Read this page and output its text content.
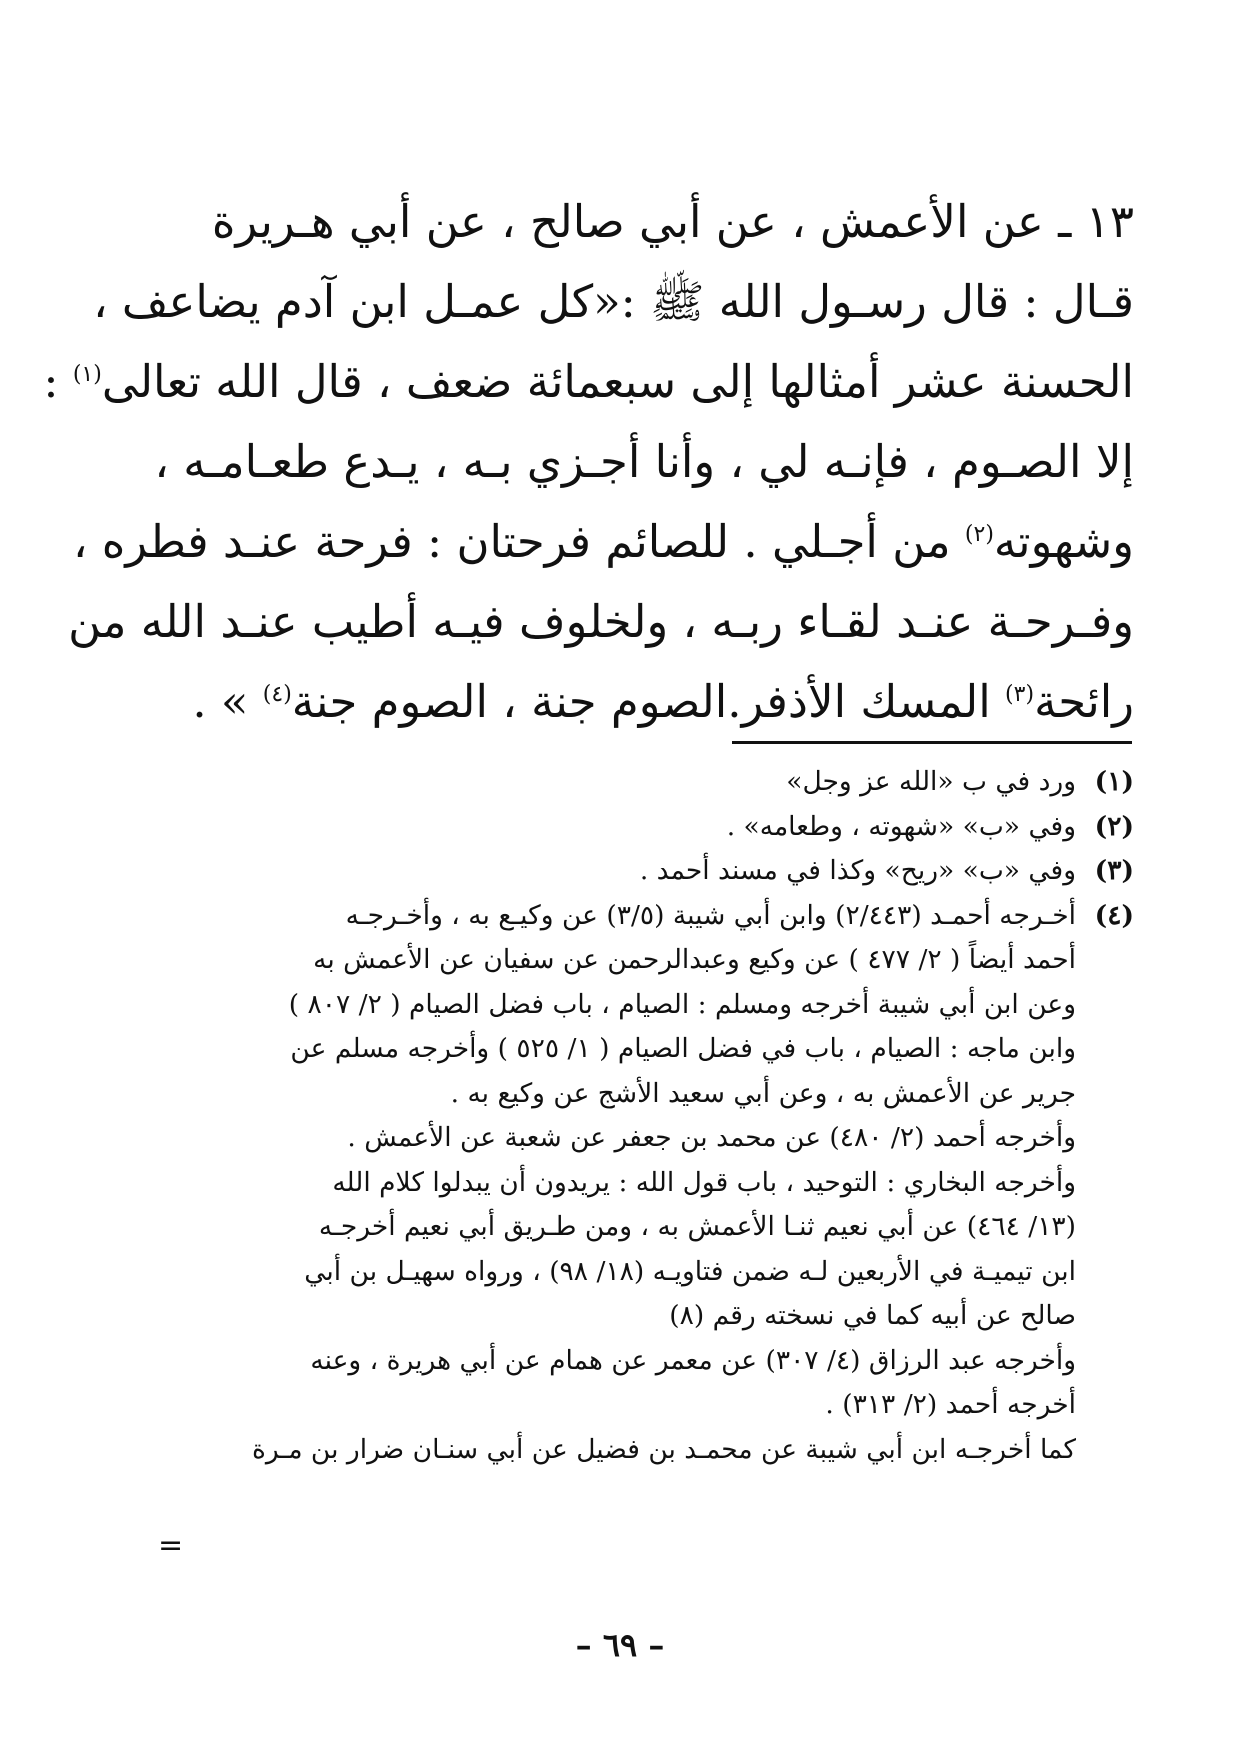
١٣ ـ عن الأعمش ، عن أبي صالح ، عن أبي هـريرة
قـال : قال رسـول الله ﷺ :«كل عمـل ابن آدم يضاعف ،
الحسنة عشر أمثالها إلى سبعمائة ضعف ، قال الله تعالى$^{(١)}$ :
إلا الصـوم ، فإنـه لي ، وأنا أجـزي بـه ، يـدع طعـامـه ،
وشهوته$^{(٢)}$ من أجـلي . للصائم فرحتان : فرحة عنـد فطره ،
وفـرحـة عنـد لقـاء ربـه ، ولخلوف فيـه أطيب عنـد الله من
رائحة$^{(٣)}$ المسك الأذفر.الصوم جنة ، الصوم جنة$^{(٤)}$ » .
(١)
ورد في ب «الله عز وجل»
(٢)
وفي «ب» «شهوته ، وطعامه» .
(٣)
وفي «ب» «ريح» وكذا في مسند أحمد .
(٤)
أخـرجه أحمـد (٢/٤٤٣) وابن أبي شيبة (٣/٥) عن وكيـع به ، وأخـرجـه
أحمد أيضاً ( ٢/ ٤٧٧ ) عن وكيع وعبدالرحمن عن سفيان عن الأعمش به
وعن ابن أبي شيبة أخرجه ومسلم : الصيام ، باب فضل الصيام ( ٢/ ٨٠٧ )
وابن ماجه : الصيام ، باب في فضل الصيام ( ١/ ٥٢٥ ) وأخرجه مسلم عن
جرير عن الأعمش به ، وعن أبي سعيد الأشج عن وكيع به .
وأخرجه أحمد (٢/ ٤٨٠) عن محمد بن جعفر عن شعبة عن الأعمش .
وأخرجه البخاري : التوحيد ، باب قول الله : يريدون أن يبدلوا كلام الله
(١٣/ ٤٦٤) عن أبي نعيم ثنـا الأعمش به ، ومن طـريق أبي نعيم أخرجـه
ابن تيميـة في الأربعين لـه ضمن فتاويـه (١٨/ ٩٨) ، ورواه سهيـل بن أبي
صالح عن أبيه كما في نسخته رقم (٨)
وأخرجه عبد الرزاق (٤/ ٣٠٧) عن معمر عن همام عن أبي هريرة ، وعنه
أخرجه أحمد (٢/ ٣١٣) .
كما أخرجـه ابن أبي شيبة عن محمـد بن فضيل عن أبي سنـان ضرار بن مـرة
=
– ٦٩ –
